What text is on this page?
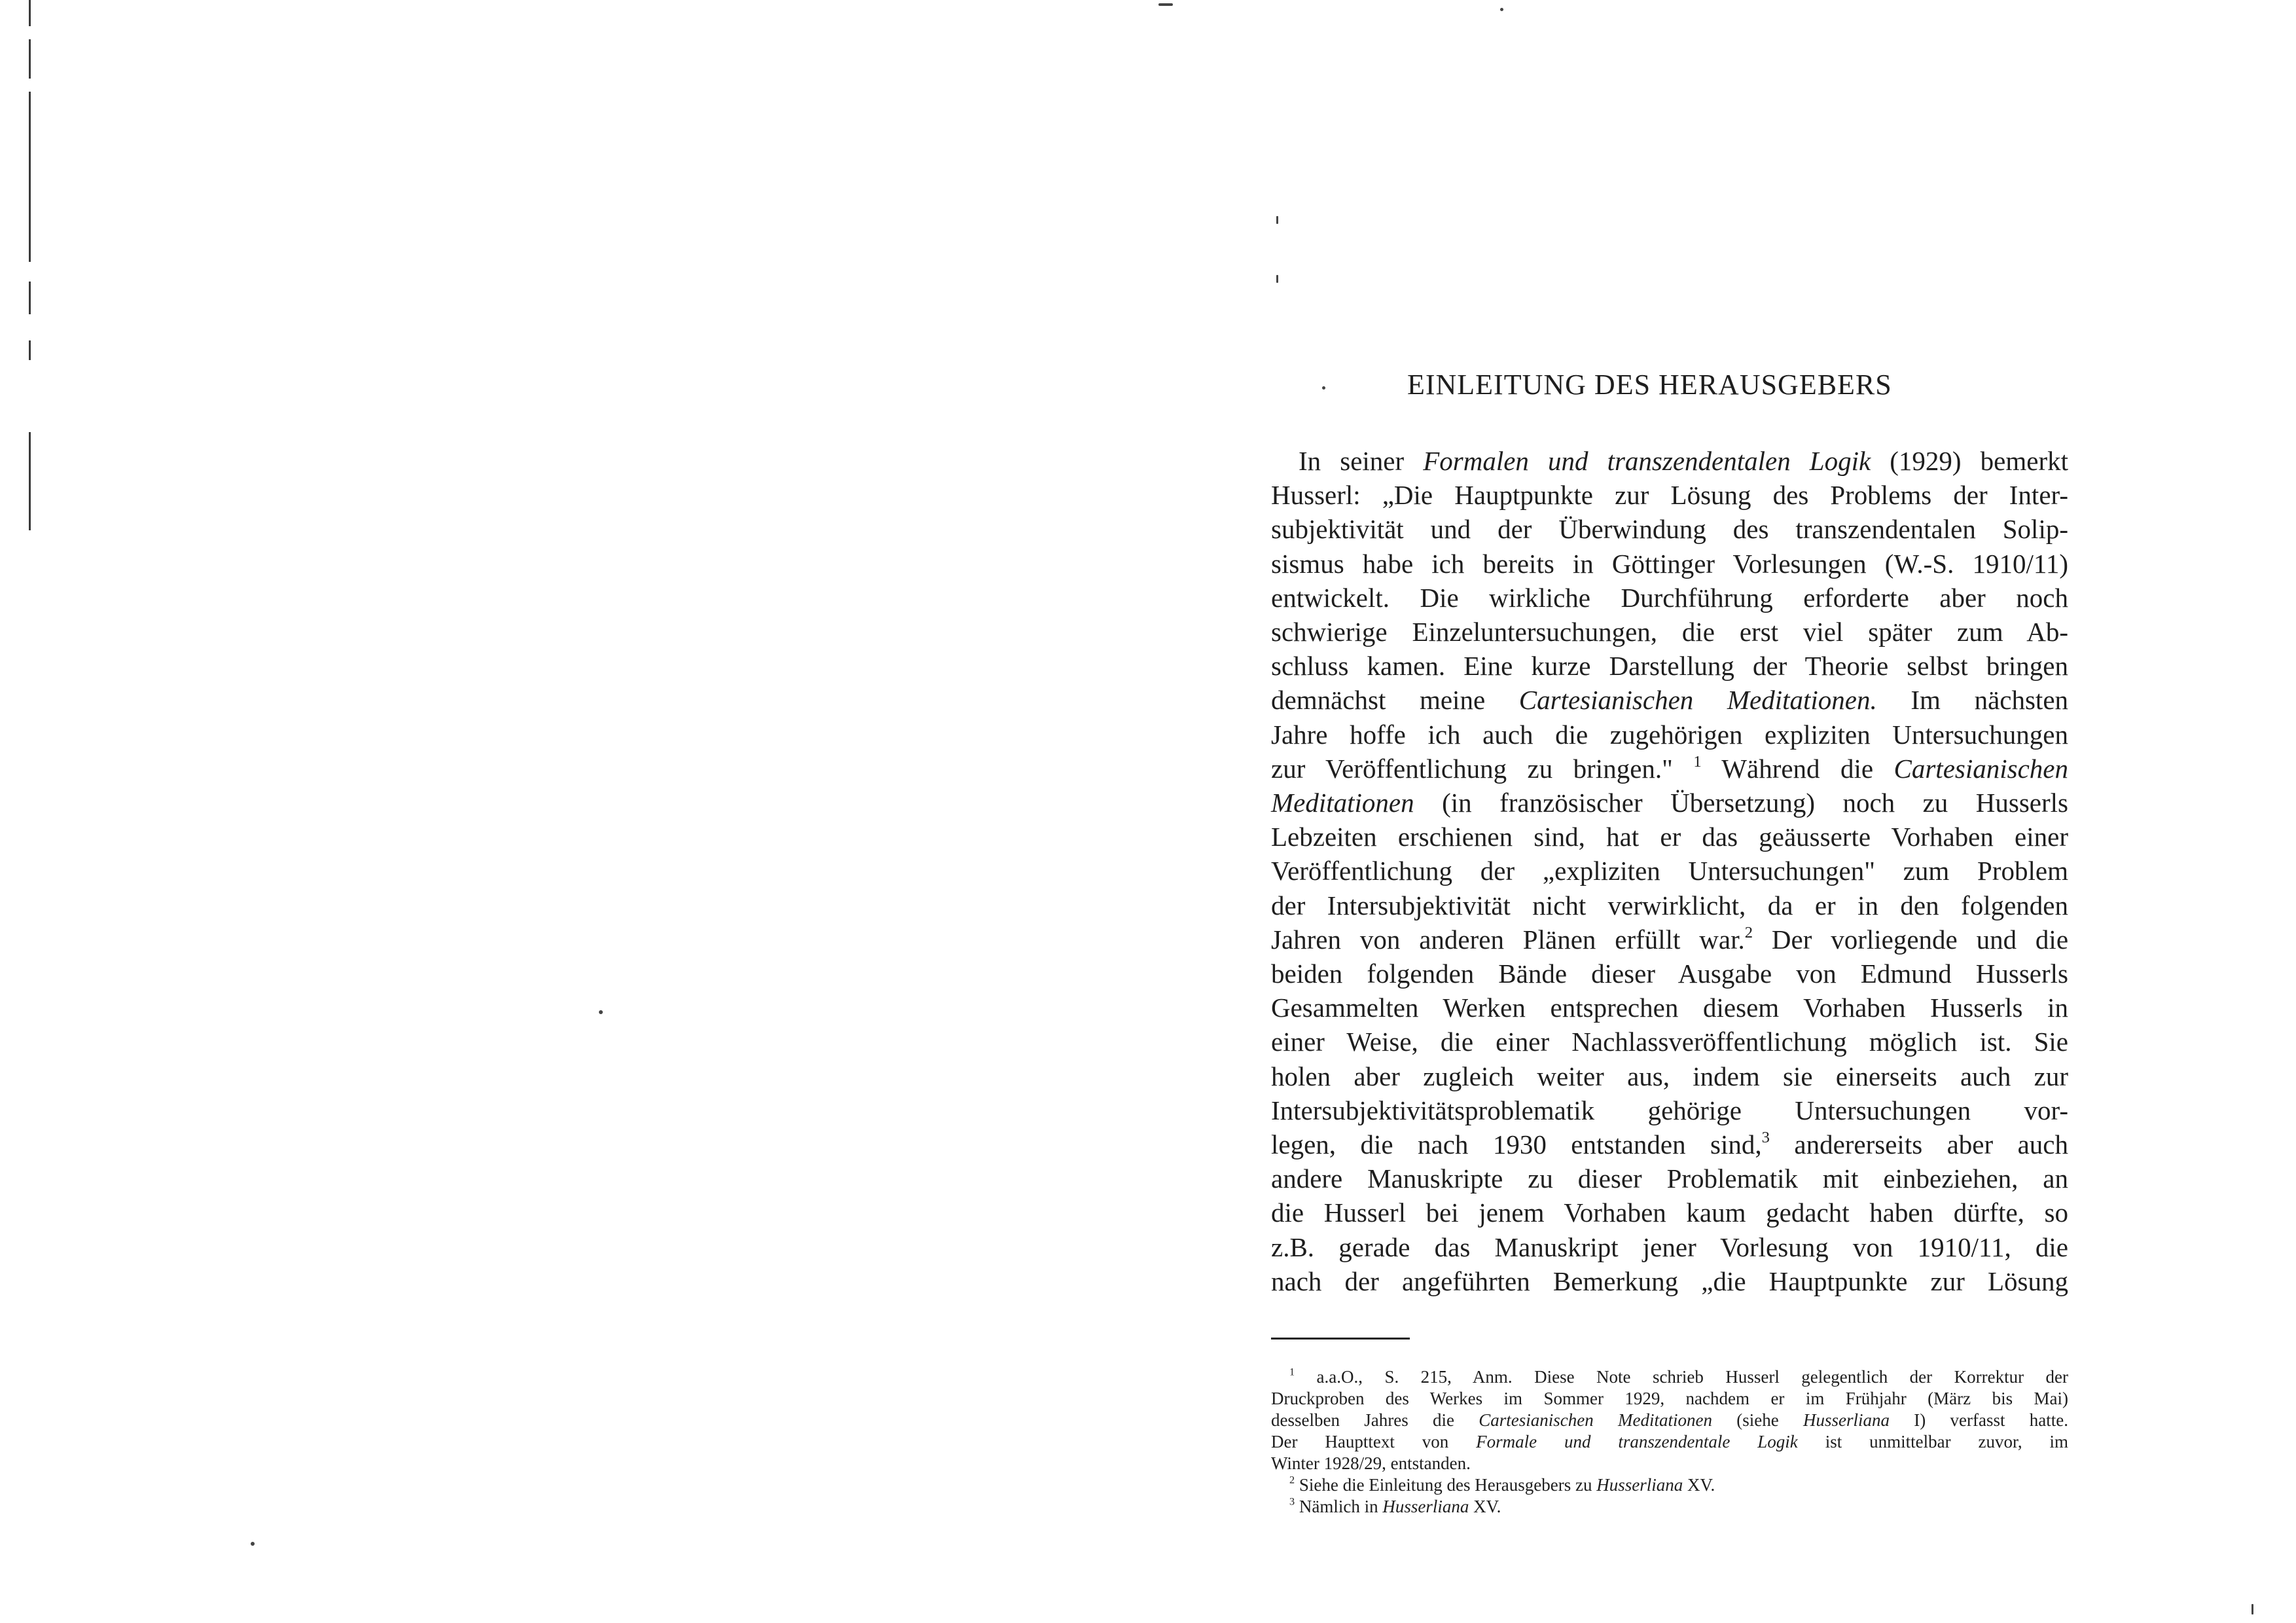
EINLEITUNG DES HERAUSGEBERS
In seiner Formalen und transzendentalen Logik (1929) bemerkt
Husserl: „Die Hauptpunkte zur Lösung des Problems der Inter-
subjektivität und der Überwindung des transzendentalen Solip-
sismus habe ich bereits in Göttinger Vorlesungen (W.-S. 1910/11)
entwickelt. Die wirkliche Durchführung erforderte aber noch
schwierige Einzeluntersuchungen, die erst viel später zum Ab-
schluss kamen. Eine kurze Darstellung der Theorie selbst bringen
demnächst meine Cartesianischen Meditationen. Im nächsten
Jahre hoffe ich auch die zugehörigen expliziten Untersuchungen
zur Veröffentlichung zu bringen." $^1$ Während die Cartesianischen
Meditationen (in französischer Übersetzung) noch zu Husserls
Lebzeiten erschienen sind, hat er das geäusserte Vorhaben einer
Veröffentlichung der „expliziten Untersuchungen" zum Problem
der Intersubjektivität nicht verwirklicht, da er in den folgenden
Jahren von anderen Plänen erfüllt war.$^2$ Der vorliegende und die
beiden folgenden Bände dieser Ausgabe von Edmund Husserls
Gesammelten Werken entsprechen diesem Vorhaben Husserls in
einer Weise, die einer Nachlassveröffentlichung möglich ist. Sie
holen aber zugleich weiter aus, indem sie einerseits auch zur
Intersubjektivitätsproblematik gehörige Untersuchungen vor-
legen, die nach 1930 entstanden sind,$^3$ andererseits aber auch
andere Manuskripte zu dieser Problematik mit einbeziehen, an
die Husserl bei jenem Vorhaben kaum gedacht haben dürfte, so
z.B. gerade das Manuskript jener Vorlesung von 1910/11, die
nach der angeführten Bemerkung „die Hauptpunkte zur Lösung
$^1$ a.a.O., S. 215, Anm. Diese Note schrieb Husserl gelegentlich der Korrektur der
Druckproben des Werkes im Sommer 1929, nachdem er im Frühjahr (März bis Mai)
desselben Jahres die Cartesianischen Meditationen (siehe Husserliana I) verfasst hatte.
Der Haupttext von Formale und transzendentale Logik ist unmittelbar zuvor, im
Winter 1928/29, entstanden.
$^2$ Siehe die Einleitung des Herausgebers zu Husserliana XV.
$^3$ Nämlich in Husserliana XV.
